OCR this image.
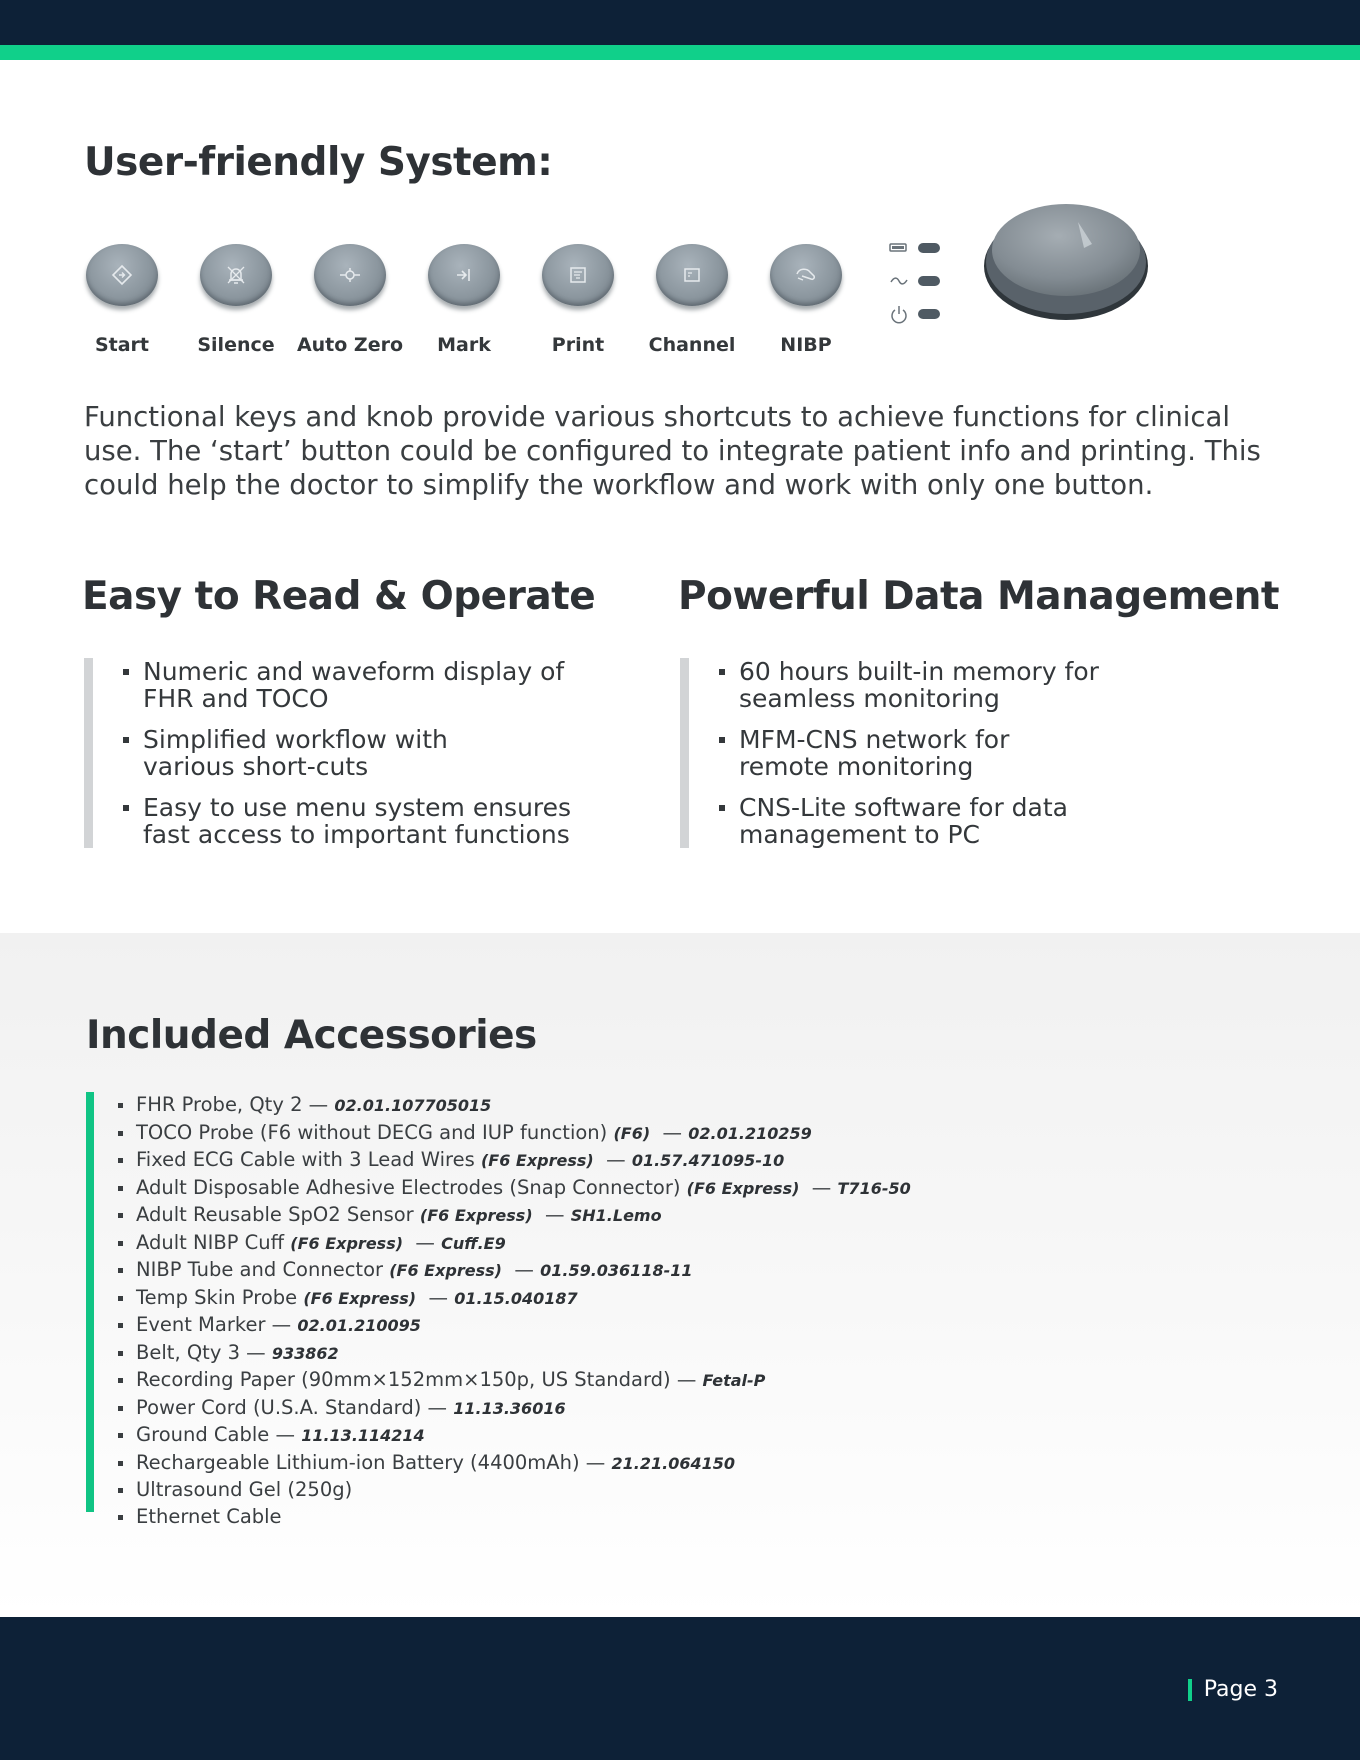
User-friendly System:
Start	Silence	Auto Zero	Mark	Print	Channel	NIBP

Functional keys and knob provide various shortcuts to achieve functions for clinical use. The ‘start’ button could be configured to integrate patient info and printing. This could help the doctor to simplify the workflow and work with only one button.

Easy to Read & Operate Powerful Data Management
Numeric and waveform display of FHR and TOCO
Simplified workflow with various short-cuts
Easy to use menu system ensures fast access to important functions
60 hours built-in memory for seamless monitoring
MFM-CNS network for remote monitoring
CNS-Lite software for data management to PC
Included Accessories
FHR Probe, Qty 2 — 02.01.107705015
TOCO Probe (F6 without DECG and IUP function) (F6)  — 02.01.210259
Fixed ECG Cable with 3 Lead Wires (F6 Express)  — 01.57.471095-10
Adult Disposable Adhesive Electrodes (Snap Connector) (F6 Express)  — T716-50
Adult Reusable SpO2 Sensor (F6 Express)  — SH1.Lemo
Adult NIBP Cuff (F6 Express)  — Cuff.E9
NIBP Tube and Connector (F6 Express)  — 01.59.036118-11
Temp Skin Probe (F6 Express)  — 01.15.040187
Event Marker — 02.01.210095
Belt, Qty 3 — 933862
Recording Paper (90mm×152mm×150p, US Standard) — Fetal-P
Power Cord (U.S.A. Standard) — 11.13.36016
Ground Cable — 11.13.114214
Rechargeable Lithium-ion Battery (4400mAh) — 21.21.064150
Ultrasound Gel (250g)
Ethernet Cable
Page 3
